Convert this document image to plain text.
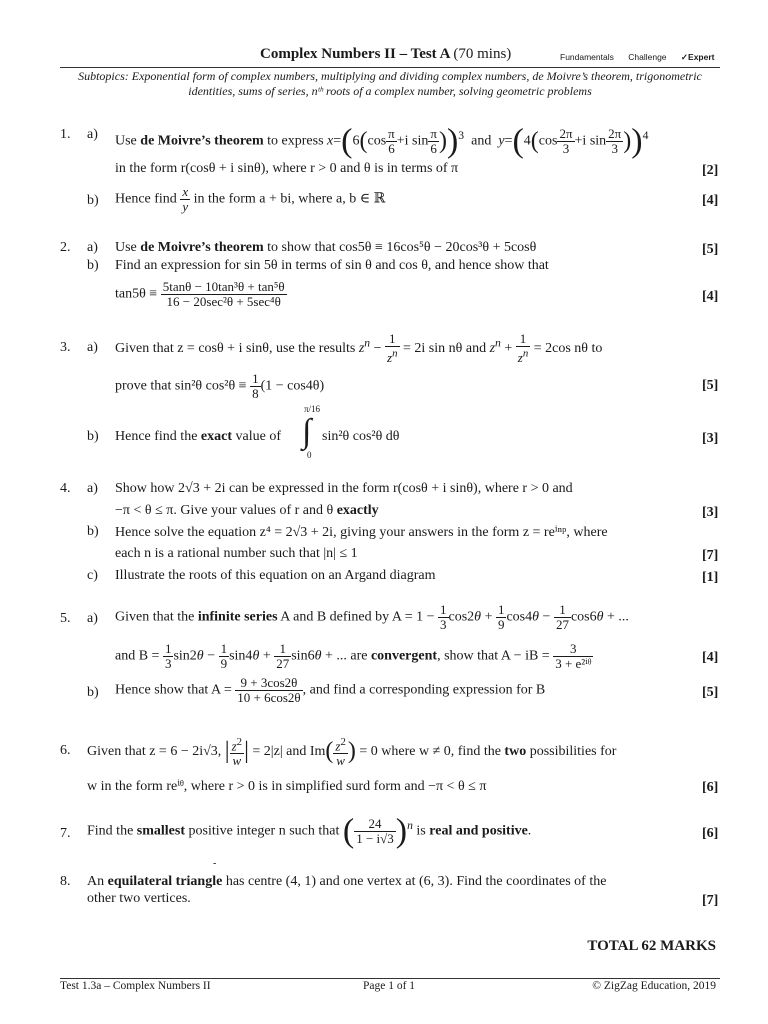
Complex Numbers II – Test A (70 mins)	Fundamentals Challenge ✓Expert
Subtopics: Exponential form of complex numbers, multiplying and dividing complex numbers, de Moivre’s theorem, trigonometric identities, sums of series, nᵗʰ roots of a complex number, solving geometric problems
1. a) Use de Moivre’s theorem to express $x=(6(\cos \frac{\pi}{6} +i$ $\sin \frac{\pi}{6} ))^3$  and  $y=(4(\cos \frac{2\pi}{3} +i$ $\sin \frac{2\pi}{3} ))^4$
in the form r(cosθ + i sinθ), where r > 0 and θ is in terms of π	[2]
b) Hence find $\frac{x}{y}$ in the form a + bi, where a, b ∈ ℝ	[4]
2. a) Use de Moivre’s theorem to show that cos5θ ≡ 16cos⁵θ − 20cos³θ + 5cosθ	[5]
b) Find an expression for sin 5θ in terms of sin θ and cos θ, and hence show that
$\tan 5\theta \equiv \frac{\text{5tanθ − 10tan³θ + tan⁵θ}}{\text{16 − 20sec²θ + 5sec⁴θ}}$	[4]
3. a) Given that z = cosθ + i sinθ, use the results $z^n - \frac{1}{z^n} = 2i$ sin nθ and $z^n + \frac{1}{z^n} = 2\cos$ nθ to
prove that sin²θ $\cos^2\theta \equiv \frac{1}{8} (1 - \cos 4\theta)$	[5]
b) Hence find the exact value of
π/16
∫
0
sin²θ cos²θ dθ	[3]
4. a) Show how 2√3 + 2i can be expressed in the form r(cosθ + i sinθ), where r > 0 and
−π < θ ≤ π. Give your values of r and θ exactly	[3]
b) Hence solve the equation z⁴ = 2√3 + 2i, giving your answers in the form z = reⁱⁿᵖ, where
each n is a rational number such that |n| ≤ 1	[7]
c) Illustrate the roots of this equation on an Argand diagram	[1]
5. a) Given that the infinite series A and B defined by $A = 1 - \frac{1}{3} \cos 2\theta + \frac{1}{9} \cos 4\theta - \frac{1}{27} \cos 6\theta$ + ...
and $B = \frac{1}{3} \sin 2\theta - \frac{1}{9} \sin 4\theta + \frac{1}{27} \sin 6\theta$ + ... are convergent, show that A − iB = $\frac{3}{\text{3 + e²ⁱᶿ}}$	[4]
b) Hence show that $A = \frac{9 + 3\cos 2\theta}{10 + 6\cos 2\theta}$ , and find a corresponding expression for B	[5]
6. Given that z = 6 − 2i√3, | $\frac{z^2}{w}$ | = 2|z| and $Im( \frac{z^2}{w}$ ) = 0 where w ≠ 0, find the two possibilities for
w in the form reⁱᶿ, where r > 0 is in simplified surd form and −π < θ ≤ π	[6]
7. Find the smallest positive integer n such that ( $\frac{24}{1 - i√3} )^n$ is real and positive.	[6]
-
8. An equilateral triangle has centre (4, 1) and one vertex at (6, 3). Find the coordinates of the
other two vertices.	[7]
TOTAL 62 MARKS
Test 1.3a – Complex Numbers II	Page 1 of 1	© ZigZag Education, 2019
